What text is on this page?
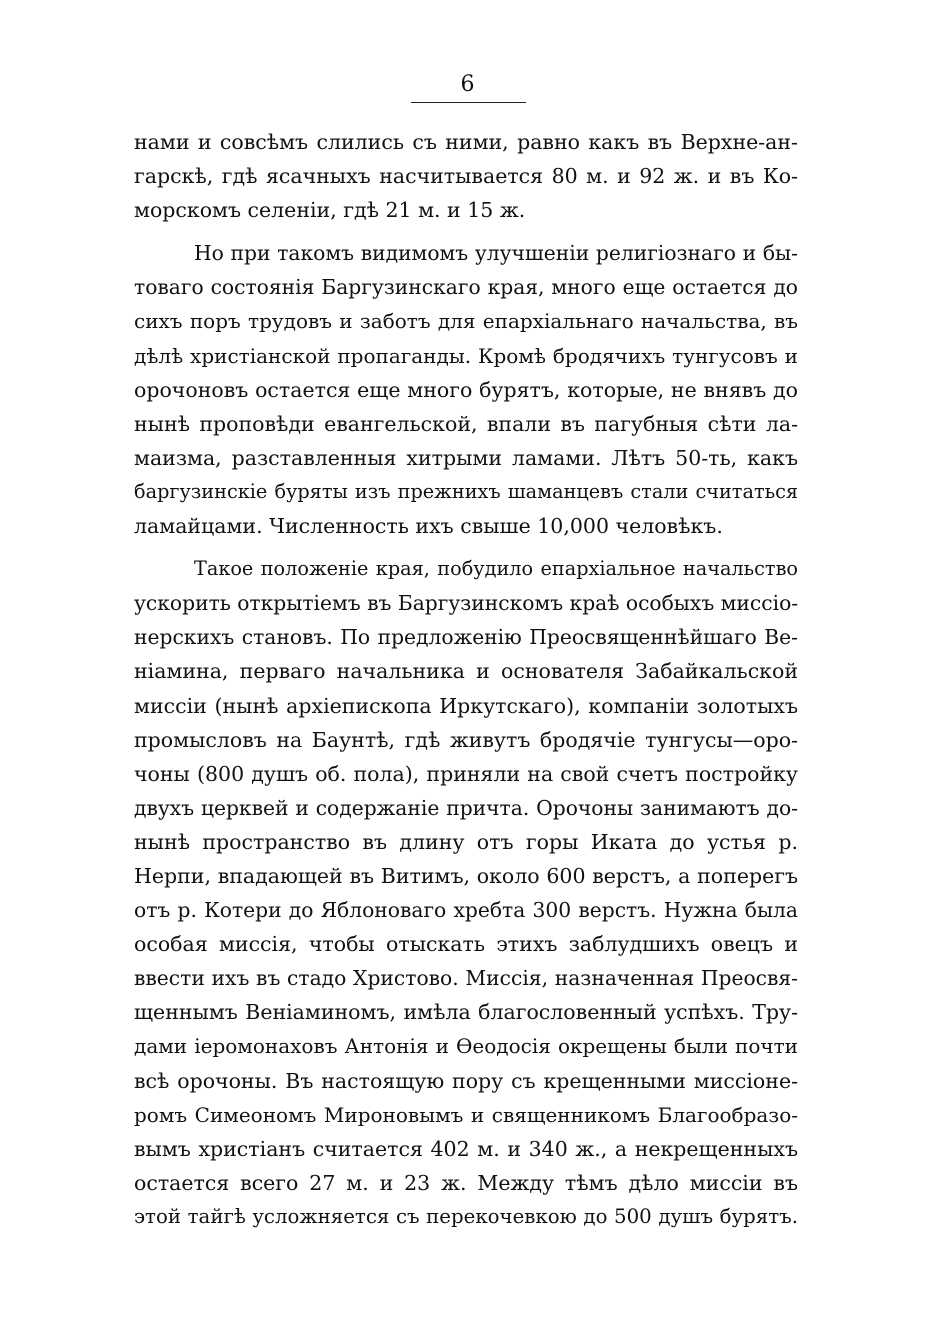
6
нами и совсѣмъ слились съ ними, равно какъ въ Верхне-ан-
гарскѣ, гдѣ ясачныхъ насчитывается 80 м. и 92 ж. и въ Ко-
морскомъ селеніи, гдѣ 21 м. и 15 ж.
Но при такомъ видимомъ улучшеніи религіознаго и бы-
товаго состоянія Баргузинскаго края, много еще остается до
сихъ поръ трудовъ и заботъ для епархіальнаго начальства, въ
дѣлѣ христіанской пропаганды. Кромѣ бродячихъ тунгусовъ и
орочоновъ остается еще много бурятъ, которые, не внявъ до
нынѣ проповѣди евангельской, впали въ пагубныя сѣти ла-
маизма, разставленныя хитрыми ламами. Лѣтъ 50-ть, какъ
баргузинскіе буряты изъ прежнихъ шаманцевъ стали считаться
ламайцами. Численность ихъ свыше 10,000 человѣкъ.
Такое положеніе края, побудило епархіальное начальство
ускорить открытіемъ въ Баргузинскомъ краѣ особыхъ миссіо-
нерскихъ становъ. По предложенію Преосвященнѣйшаго Ве-
ніамина, перваго начальника и основателя Забайкальской
миссіи (нынѣ архіепископа Иркутскаго), компаніи золотыхъ
промысловъ на Баунтѣ, гдѣ живутъ бродячіе тунгусы—оро-
чоны (800 душъ об. пола), приняли на свой счетъ постройку
двухъ церквей и содержаніе причта. Орочоны занимаютъ до-
нынѣ пространство въ длину отъ горы Иката до устья р.
Нерпи, впадающей въ Витимъ, около 600 верстъ, а поперегъ
отъ р. Котери до Яблоноваго хребта 300 верстъ. Нужна была
особая миссія, чтобы отыскать этихъ заблудшихъ овецъ и
ввести ихъ въ стадо Христово. Миссія, назначенная Преосвя-
щеннымъ Веніаминомъ, имѣла благословенный успѣхъ. Тру-
дами іеромонаховъ Антонія и Ѳеодосія окрещены были почти
всѣ орочоны. Въ настоящую пору съ крещенными миссіоне-
ромъ Симеономъ Мироновымъ и священникомъ Благообразо-
вымъ христіанъ считается 402 м. и 340 ж., а некрещенныхъ
остается всего 27 м. и 23 ж. Между тѣмъ дѣло миссіи въ
этой тайгѣ усложняется съ перекочевкою до 500 душъ бурятъ.
